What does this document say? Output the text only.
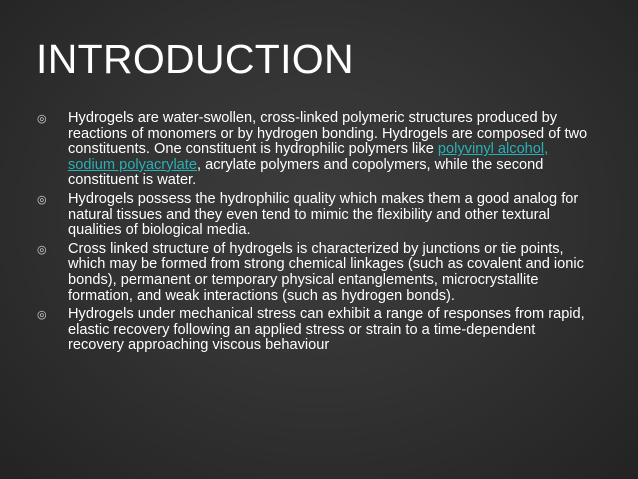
INTRODUCTION
◎	Hydrogels are water-swollen, cross-linked polymeric structures produced by reactions of monomers or by hydrogen bonding. Hydrogels are composed of two constituents. One constituent is hydrophilic polymers like polyvinyl alcohol, sodium polyacrylate, acrylate polymers and copolymers, while the second constituent is water.
◎	Hydrogels possess the hydrophilic quality which makes them a good analog for natural tissues and they even tend to mimic the flexibility and other textural qualities of biological media.
◎	Cross linked structure of hydrogels is characterized by junctions or tie points, which may be formed from strong chemical linkages (such as covalent and ionic bonds), permanent or temporary physical entanglements, microcrystallite formation, and weak interactions (such as hydrogen bonds).
◎	Hydrogels under mechanical stress can exhibit a range of responses from rapid, elastic recovery following an applied stress or strain to a time-dependent recovery approaching viscous behaviour
